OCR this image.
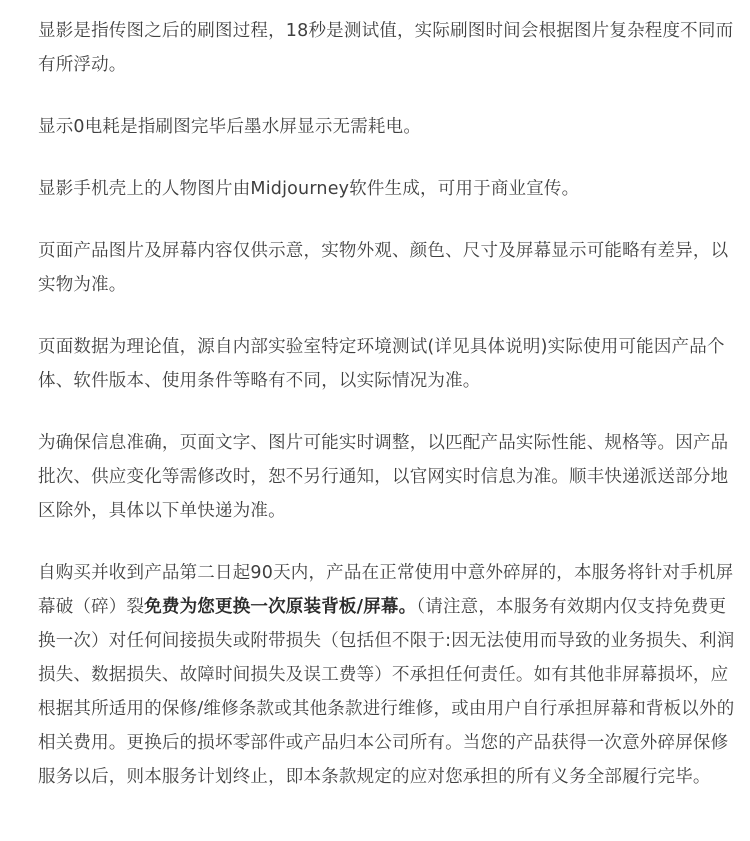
显影是指传图之后的刷图过程，18秒是测试值，实际刷图时间会根据图片复杂程度不同而有所浮动。

显示0电耗是指刷图完毕后墨水屏显示无需耗电。

显影手机壳上的人物图片由Midjourney软件生成，可用于商业宣传。

页面产品图片及屏幕内容仅供示意，实物外观、颜色、尺寸及屏幕显示可能略有差异，以实物为准。

页面数据为理论值，源自内部实验室特定环境测试(详见具体说明)实际使用可能因产品个体、软件版本、使用条件等略有不同，以实际情况为准。

为确保信息准确，页面文字、图片可能实时调整，以匹配产品实际性能、规格等。因产品批次、供应变化等需修改时，恕不另行通知，以官网实时信息为准。顺丰快递派送部分地区除外，具体以下单快递为准。

自购买并收到产品第二日起90天内，产品在正常使用中意外碎屏的，本服务将针对手机屏幕破（碎）裂免费为您更换一次原装背板/屏幕。（请注意，本服务有效期内仅支持免费更换一次）对任何间接损失或附带损失（包括但不限于:因无法使用而导致的业务损失、利润损失、数据损失、故障时间损失及误工费等）不承担任何责任。如有其他非屏幕损坏，应根据其所适用的保修/维修条款或其他条款进行维修，或由用户自行承担屏幕和背板以外的相关费用。更换后的损坏零部件或产品归本公司所有。当您的产品获得一次意外碎屏保修服务以后，则本服务计划终止，即本条款规定的应对您承担的所有义务全部履行完毕。
